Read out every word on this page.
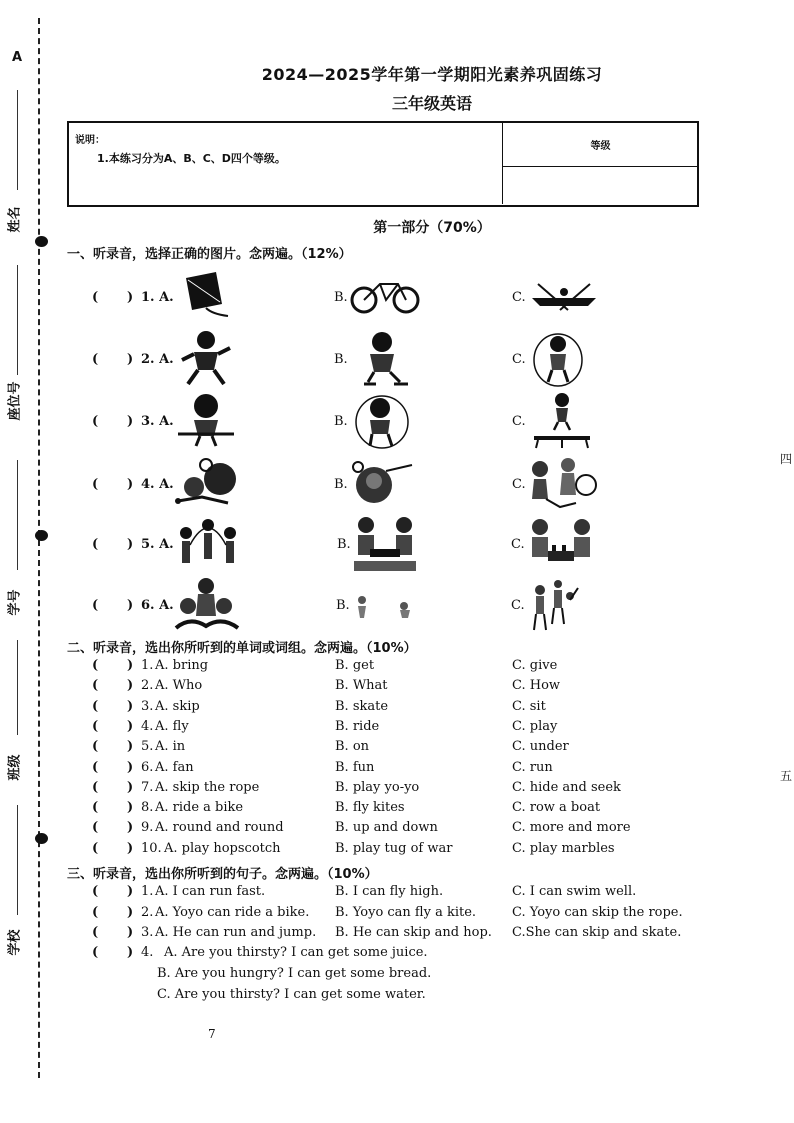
A
姓名
座位号
学号
班级
学校
四
五
2024—2025学年第一学期阳光素养巩固练习
三年级英语
说明：
1.本练习分为A、B、C、D四个等级。
等级
第一部分（70%）
一、听录音，选择正确的图片。念两遍。（12%）
( ) 1. A.	B.	C.
( ) 2. A.	B.	C.
( ) 3. A.	B.	C.
( ) 4. A.	B.	C.
( ) 5. A.	B.	C.
( ) 6. A.	B.	C.
二、听录音，选出你所听到的单词或词组。念两遍。（10%）
( ) 1. A. bring	B. get	C. give
( ) 2. A. Who	B. What	C. How
( ) 3. A. skip	B. skate	C. sit
( ) 4. A. fly	B. ride	C. play
( ) 5. A. in	B. on	C. under
( ) 6. A. fan	B. fun	C. run
( ) 7. A. skip the rope	B. play yo-yo	C. hide and seek
( ) 8. A. ride a bike	B. fly kites	C. row a boat
( ) 9. A. round and round	B. up and down	C. more and more
( ) 10. A. play hopscotch	B. play tug of war	C. play marbles
三、听录音，选出你所听到的句子。念两遍。（10%）
( ) 1. A. I can run fast.	B. I can fly high.	C. I can swim well.
( ) 2. A. Yoyo can ride a bike. B. Yoyo can fly a kite.	C. Yoyo can skip the rope.
( ) 3. A. He can run and jump. B. He can skip and hop. C.She can skip and skate.
( ) 4. A. Are you thirsty? I can get some juice.
B. Are you hungry? I can get some bread.
C. Are you thirsty? I can get some water.
7
